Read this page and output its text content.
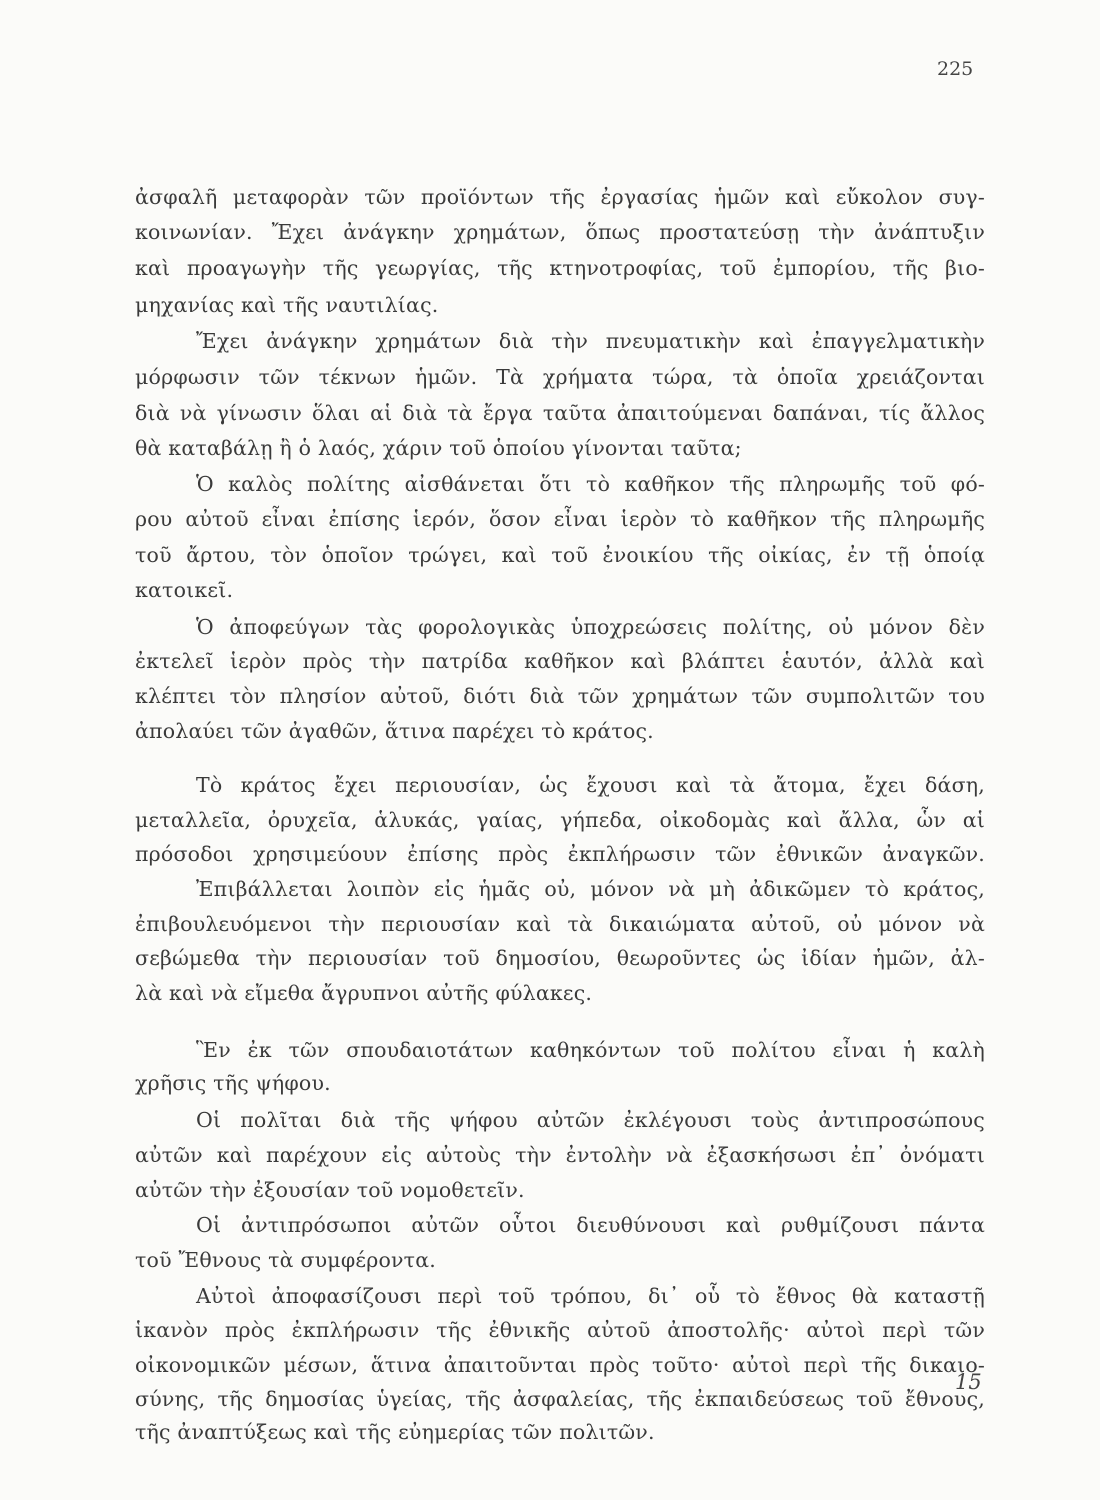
225
ἀσφαλῆ μεταφορὰν τῶν προϊόντων τῆς ἐργασίας ἡμῶν καὶ εὔκολον συγ-
κοινωνίαν. Ἔχει ἀνάγκην χρημάτων, ὅπως προστατεύσῃ τὴν ἀνάπτυξιν
καὶ προαγωγὴν τῆς γεωργίας, τῆς κτηνοτροφίας, τοῦ ἐμπορίου, τῆς βιο-
μηχανίας καὶ τῆς ναυτιλίας.
Ἔχει ἀνάγκην χρημάτων διὰ τὴν πνευματικὴν καὶ ἐπαγγελματικὴν
μόρφωσιν τῶν τέκνων ἡμῶν. Τὰ χρήματα τώρα, τὰ ὁποῖα χρειάζονται
διὰ νὰ γίνωσιν ὅλαι αἱ διὰ τὰ ἔργα ταῦτα ἀπαιτούμεναι δαπάναι, τίς ἄλλος
θὰ καταβάλῃ ἢ ὁ λαός, χάριν τοῦ ὁποίου γίνονται ταῦτα;
Ὁ καλὸς πολίτης αἰσθάνεται ὅτι τὸ καθῆκον τῆς πληρωμῆς τοῦ φό-
ρου αὐτοῦ εἶναι ἐπίσης ἱερόν, ὅσον εἶναι ἱερὸν τὸ καθῆκον τῆς πληρωμῆς
τοῦ ἄρτου, τὸν ὁποῖον τρώγει, καὶ τοῦ ἐνοικίου τῆς οἰκίας, ἐν τῇ ὁποίᾳ
κατοικεῖ.
Ὁ ἀποφεύγων τὰς φορολογικὰς ὑποχρεώσεις πολίτης, οὐ μόνον δὲν
ἐκτελεῖ ἱερὸν πρὸς τὴν πατρίδα καθῆκον καὶ βλάπτει ἑαυτόν, ἀλλὰ καὶ
κλέπτει τὸν πλησίον αὐτοῦ, διότι διὰ τῶν χρημάτων τῶν συμπολιτῶν του
ἀπολαύει τῶν ἀγαθῶν, ἅτινα παρέχει τὸ κράτος.
Τὸ κράτος ἔχει περιουσίαν, ὡς ἔχουσι καὶ τὰ ἄτομα, ἔχει δάση,
μεταλλεῖα, ὀρυχεῖα, ἁλυκάς, γαίας, γήπεδα, οἰκοδομὰς καὶ ἄλλα, ὧν αἱ
πρόσοδοι χρησιμεύουν ἐπίσης πρὸς ἐκπλήρωσιν τῶν ἐθνικῶν ἀναγκῶν.
Ἐπιβάλλεται λοιπὸν εἰς ἡμᾶς οὐ, μόνον νὰ μὴ ἀδικῶμεν τὸ κράτος,
ἐπιβουλευόμενοι τὴν περιουσίαν καὶ τὰ δικαιώματα αὐτοῦ, οὐ μόνον νὰ
σεβώμεθα τὴν περιουσίαν τοῦ δημοσίου, θεωροῦντες ὡς ἰδίαν ἡμῶν, ἀλ-
λὰ καὶ νὰ εἴμεθα ἄγρυπνοι αὐτῆς φύλακες.
Ἓν ἐκ τῶν σπουδαιοτάτων καθηκόντων τοῦ πολίτου εἶναι ἡ καλὴ
χρῆσις τῆς ψήφου.
Οἱ πολῖται διὰ τῆς ψήφου αὐτῶν ἐκλέγουσι τοὺς ἀντιπροσώπους
αὐτῶν καὶ παρέχουν εἰς αὐτοὺς τὴν ἐντολὴν νὰ ἐξασκήσωσι ἐπ᾿ ὀνόματι
αὐτῶν τὴν ἐξουσίαν τοῦ νομοθετεῖν.
Οἱ ἀντιπρόσωποι αὐτῶν οὗτοι διευθύνουσι καὶ ρυθμίζουσι πάντα
τοῦ Ἔθνους τὰ συμφέροντα.
Αὐτοὶ ἀποφασίζουσι περὶ τοῦ τρόπου, δι᾿ οὗ τὸ ἔθνος θὰ καταστῇ
ἱκανὸν πρὸς ἐκπλήρωσιν τῆς ἐθνικῆς αὐτοῦ ἀποστολῆς· αὐτοὶ περὶ τῶν
οἰκονομικῶν μέσων, ἅτινα ἀπαιτοῦνται πρὸς τοῦτο· αὐτοὶ περὶ τῆς δικαιο-
σύνης, τῆς δημοσίας ὑγείας, τῆς ἀσφαλείας, τῆς ἐκπαιδεύσεως τοῦ ἔθνους,
τῆς ἀναπτύξεως καὶ τῆς εὐημερίας τῶν πολιτῶν.
15
